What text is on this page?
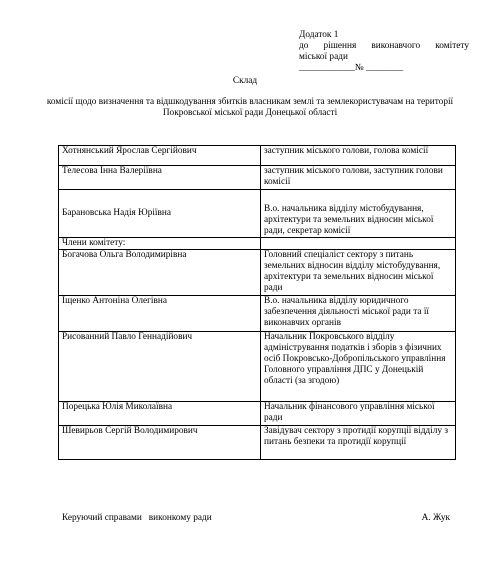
Додаток 1
до рішення виконавчого комітету
міської ради
____________№ ________
Склад
комісії щодо визначення та відшкодування збитків власникам землі та землекористувачам на території Покровської міської ради Донецької області
Хотнянський Ярослав Сергійович	заступник міського голови, голова комісії
Телесова Інна Валеріївна	заступник міського голови, заступник голови комісії
Барановська Надія Юріївна	В.о. начальника відділу містобудування, архітектури та земельних відносин міської ради, секретар комісії
Члени комітету:	
Богачова Ольга Володимирівна	Головний спеціаліст сектору з питань земельних відносин відділу містобудування, архітектури та земельних відносин міської ради
Іщенко Антоніна Олегівна	В.о. начальника відділу юридичного забезпечення діяльності міської ради та її виконавчих органів
Рисованний Павло Геннадійович	Начальник Покровського відділу адміністрування податків і зборів з фізичних осіб Покровсько-Добропільського управління Головного управління ДПС у Донецькій області (за згодою)
Порецька Юлія Миколаївна	Начальник фінансового управління міської ради
Шевирьов Сергій Володимирович	Завідувач сектору з протидії корупції відділу з питань безпеки та протидії корупції
Керуючий справами   виконкому ради	А. Жук
